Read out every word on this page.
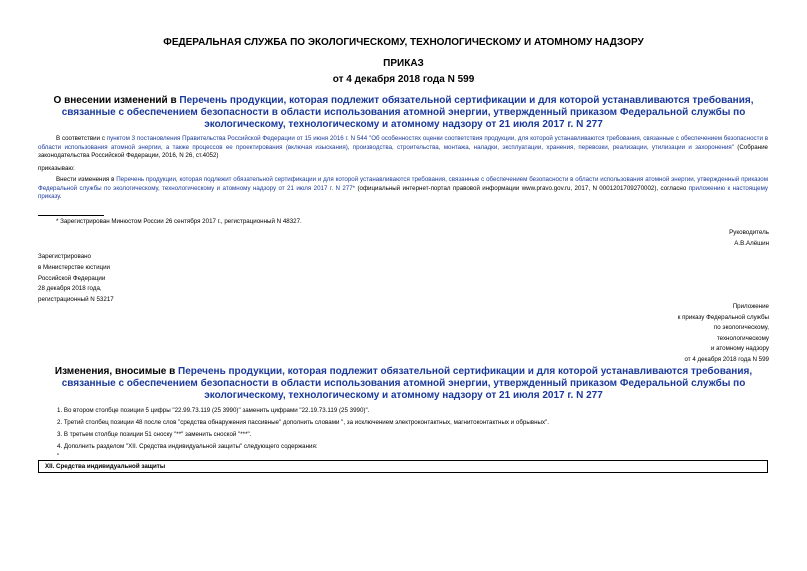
ФЕДЕРАЛЬНАЯ СЛУЖБА ПО ЭКОЛОГИЧЕСКОМУ, ТЕХНОЛОГИЧЕСКОМУ И АТОМНОМУ НАДЗОРУ
ПРИКАЗ
от 4 декабря 2018 года N 599
О внесении изменений в Перечень продукции, которая подлежит обязательной сертификации и для которой устанавливаются требования, связанные с обеспечением безопасности в области использования атомной энергии, утвержденный приказом Федеральной службы по экологическому, технологическому и атомному надзору от 21 июля 2017 г. N 277
В соответствии с пунктом 3 постановления Правительства Российской Федерации от 15 июня 2016 г. N 544 "Об особенностях оценки соответствия продукции, для которой устанавливаются требования, связанные с обеспечением безопасности в области использования атомной энергии, а также процессов ее проектирования (включая изыскания), производства, строительства, монтажа, наладки, эксплуатации, хранения, перевозки, реализации, утилизации и захоронения" (Собрание законодательства Российской Федерации, 2016, N 26, ст.4052)
приказываю:
Внести изменения в Перечень продукции, которая подлежит обязательной сертификации и для которой устанавливаются требования, связанные с обеспечением безопасности в области использования атомной энергии, утвержденный приказом Федеральной службы по экологическому, технологическому и атомному надзору от 21 июля 2017 г. N 277* (официальный интернет-портал правовой информации www.pravo.gov.ru, 2017, N 0001201709270002), согласно приложению к настоящему приказу.
* Зарегистрирован Минюстом России 26 сентября 2017 г., регистрационный N 48327.
Руководитель
А.В.Алёшин
Зарегистрировано
в Министерстве юстиции
Российской Федерации
28 декабря 2018 года,
регистрационный N 53217
Приложение
к приказу Федеральной службы
по экологическому,
технологическому
и атомному надзору
от 4 декабря 2018 года N 599
Изменения, вносимые в Перечень продукции, которая подлежит обязательной сертификации и для которой устанавливаются требования, связанные с обеспечением безопасности в области использования атомной энергии, утвержденный приказом Федеральной службы по экологическому, технологическому и атомному надзору от 21 июля 2017 г. N 277
1. Во втором столбце позиции 5 цифры "22.99.73.119 (25 3990)" заменить цифрами "22.19.73.119 (25 3990)".
2. Третий столбец позиции 48 после слов "средства обнаружения пассивные" дополнить словами ", за исключением электроконтактных, магнитоконтактных и обрывных".
3. В третьем столбце позиции 51 сноску "**" заменить сноской "***".
4. Дополнить разделом "XII. Средства индивидуальной защиты" следующего содержания:
"
XII. Средства индивидуальной защиты
